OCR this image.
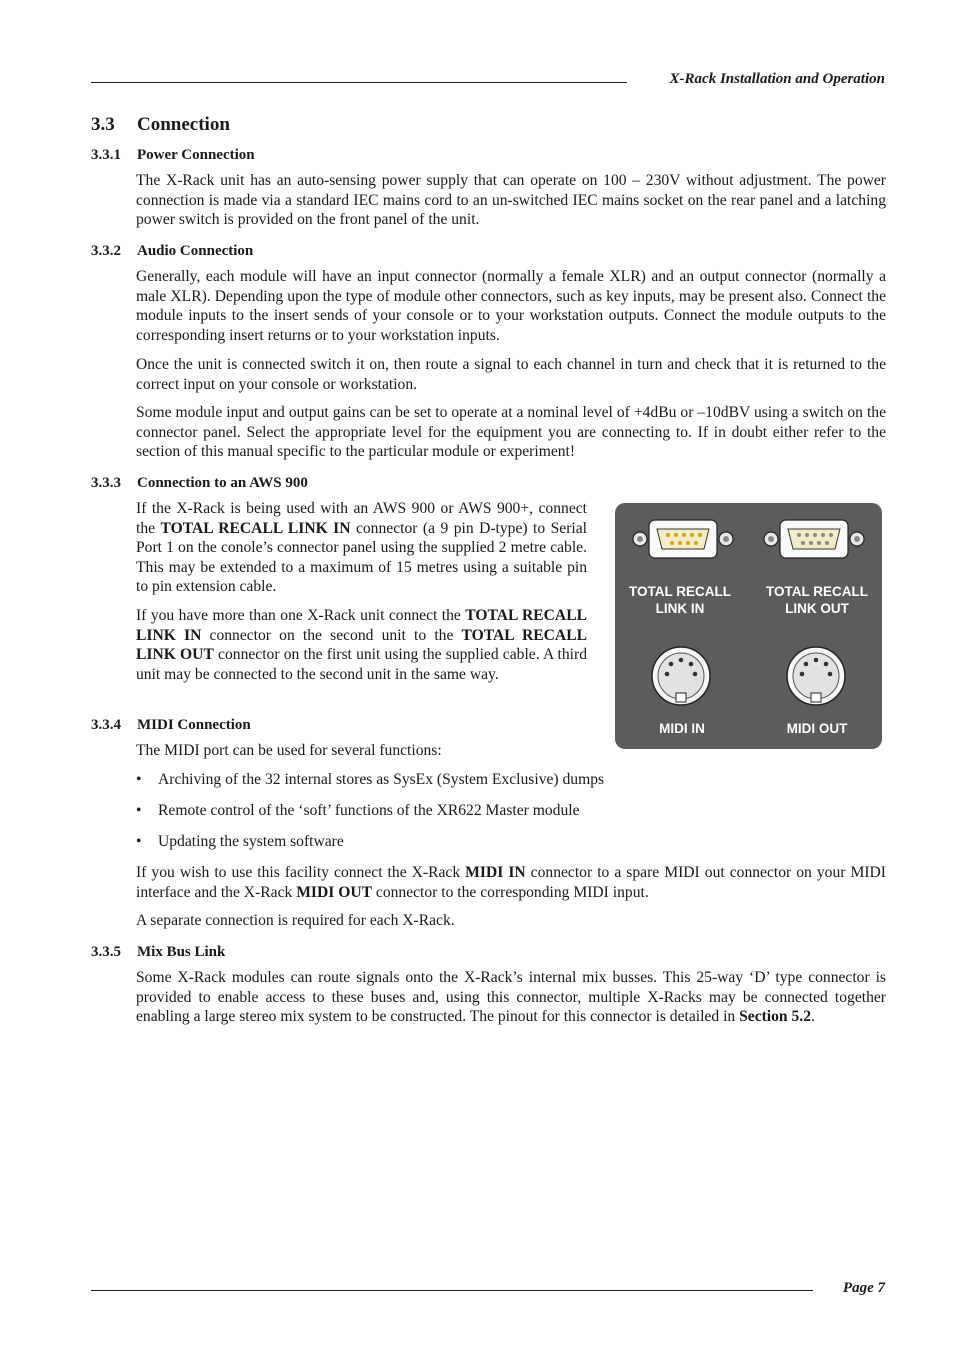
X-Rack Installation and Operation
3.3 Connection
3.3.1 Power Connection

The X-Rack unit has an auto-sensing power supply that can operate on 100 – 230V without adjustment. The power connection is made via a standard IEC mains cord to an un-switched IEC mains socket on the rear panel and a latching power switch is provided on the front panel of the unit.

3.3.2 Audio Connection

Generally, each module will have an input connector (normally a female XLR) and an output connector (normally a male XLR). Depending upon the type of module other connectors, such as key inputs, may be present also. Connect the module inputs to the insert sends of your console or to your workstation outputs. Connect the module outputs to the corresponding insert returns or to your workstation inputs.

Once the unit is connected switch it on, then route a signal to each channel in turn and check that it is returned to the correct input on your console or workstation.

Some module input and output gains can be set to operate at a nominal level of +4dBu or –10dBV using a switch on the connector panel. Select the appropriate level for the equipment you are connecting to. If in doubt either refer to the section of this manual specific to the particular module or experiment!

3.3.3 Connection to an AWS 900

If the X-Rack is being used with an AWS 900 or AWS 900+, connect the TOTAL RECALL LINK IN connector (a 9 pin D-type) to Serial Port 1 on the conole’s connector panel using the supplied 2 metre cable. This may be extended to a maximum of 15 metres using a suitable pin to pin extension cable.

If you have more than one X-Rack unit connect the TOTAL RECALL LINK IN connector on the second unit to the TOTAL RECALL LINK OUT connector on the first unit using the supplied cable. A third unit may be connected to the second unit in the same way.

TOTAL RECALL
LINK IN
TOTAL RECALL
LINK OUT
MIDI IN	MIDI OUT
3.3.4 MIDI Connection

The MIDI port can be used for several functions:

• Archiving of the 32 internal stores as SysEx (System Exclusive) dumps
• Remote control of the ‘soft’ functions of the XR622 Master module
• Updating the system software

If you wish to use this facility connect the X-Rack MIDI IN connector to a spare MIDI out connector on your MIDI interface and the X-Rack MIDI OUT connector to the corresponding MIDI input.

A separate connection is required for each X-Rack.

3.3.5 Mix Bus Link

Some X-Rack modules can route signals onto the X-Rack’s internal mix busses. This 25-way ‘D’ type connector is provided to enable access to these buses and, using this connector, multiple X-Racks may be connected together enabling a large stereo mix system to be constructed. The pinout for this connector is detailed in Section 5.2.

Page 7
